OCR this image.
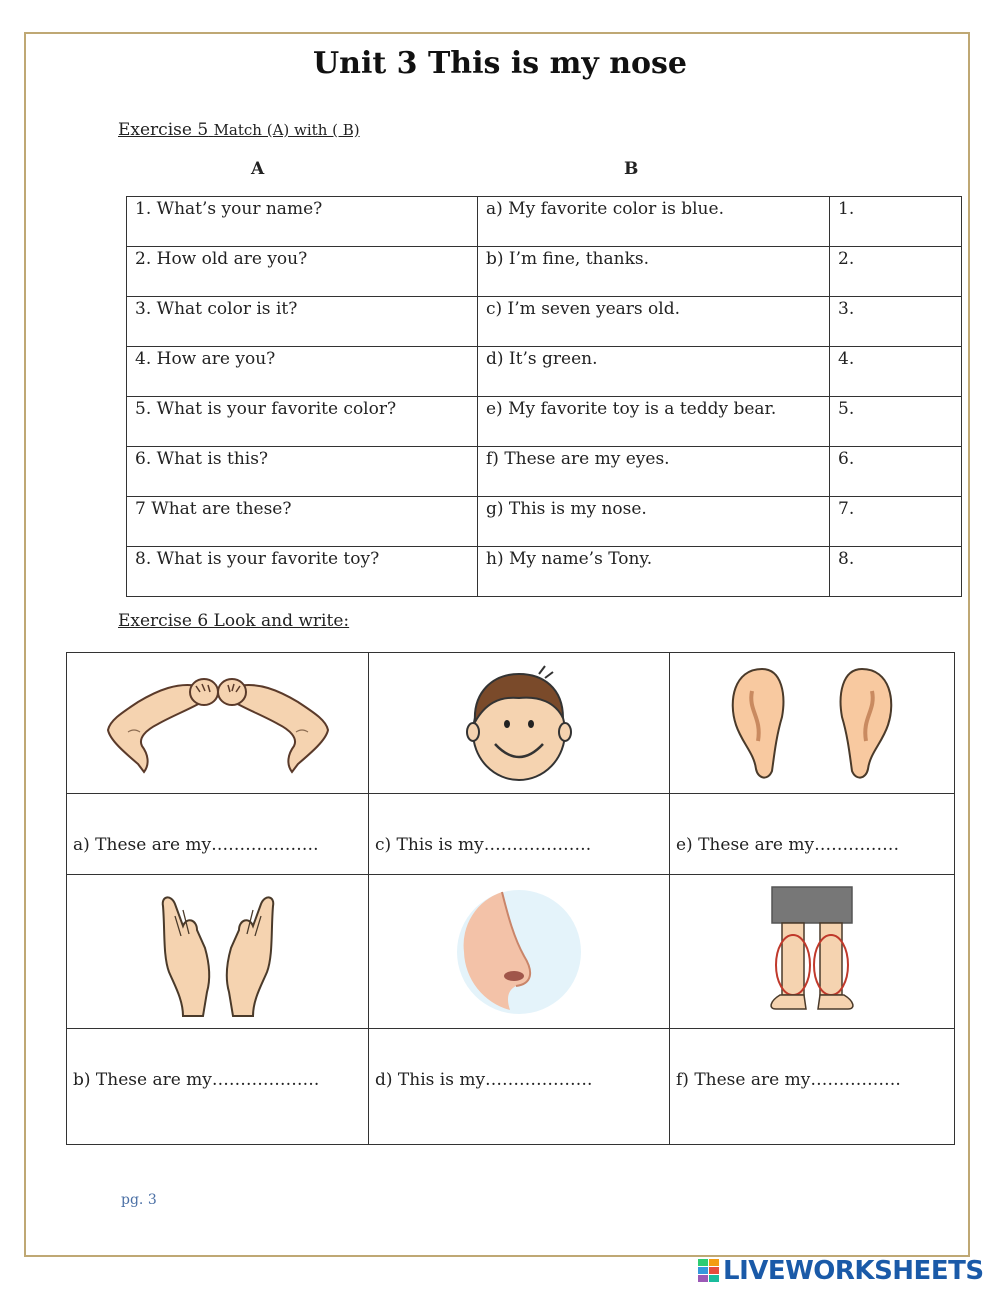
Unit 3 This is my nose
Exercise 5 Match (A) with ( B)
A	B
1. What’s your name?	a) My favorite color is blue.	1.
2. How old are you?	b) I’m fine, thanks.	2.
3. What color is it?	c) I’m seven years old.	3.
4. How are you?	d) It’s green.	4.
5. What is your favorite color?	e) My favorite toy is a teddy bear.	5.
6. What is this?	f) These are my eyes.	6.
7 What are these?	g) This is my nose.	7.
8. What is your favorite toy?	h) My name’s Tony.	8.
Exercise 6 Look and write:

a) These are my……………….	c) This is my……………….	e) These are my……………

b) These are my……………….	d) This is my……………….	f) These are my…………….
pg. 3
LIVEWORKSHEETS
